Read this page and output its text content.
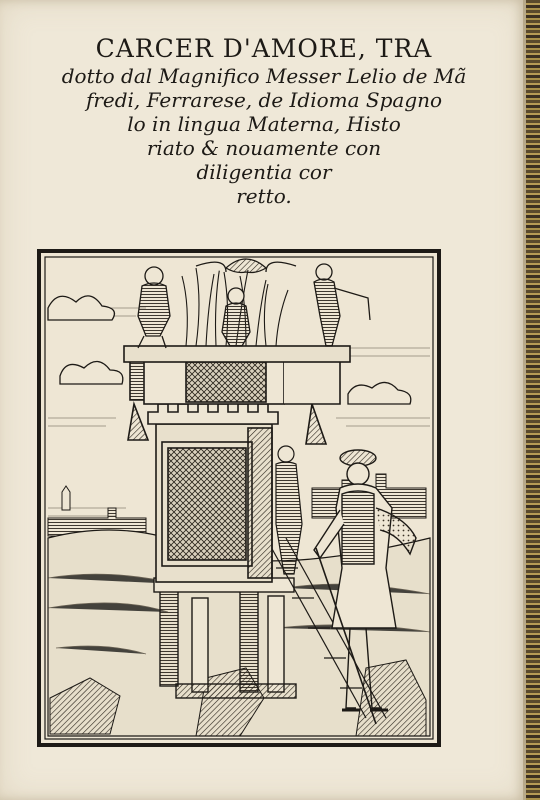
CARCER D'AMORE, TRA
dotto dal Magnifico Messer Lelio de Mã
fredi, Ferrarese, de Idioma Spagno
lo in lingua Materna, Histo
riato & nouamente con
diligentia cor
retto.
